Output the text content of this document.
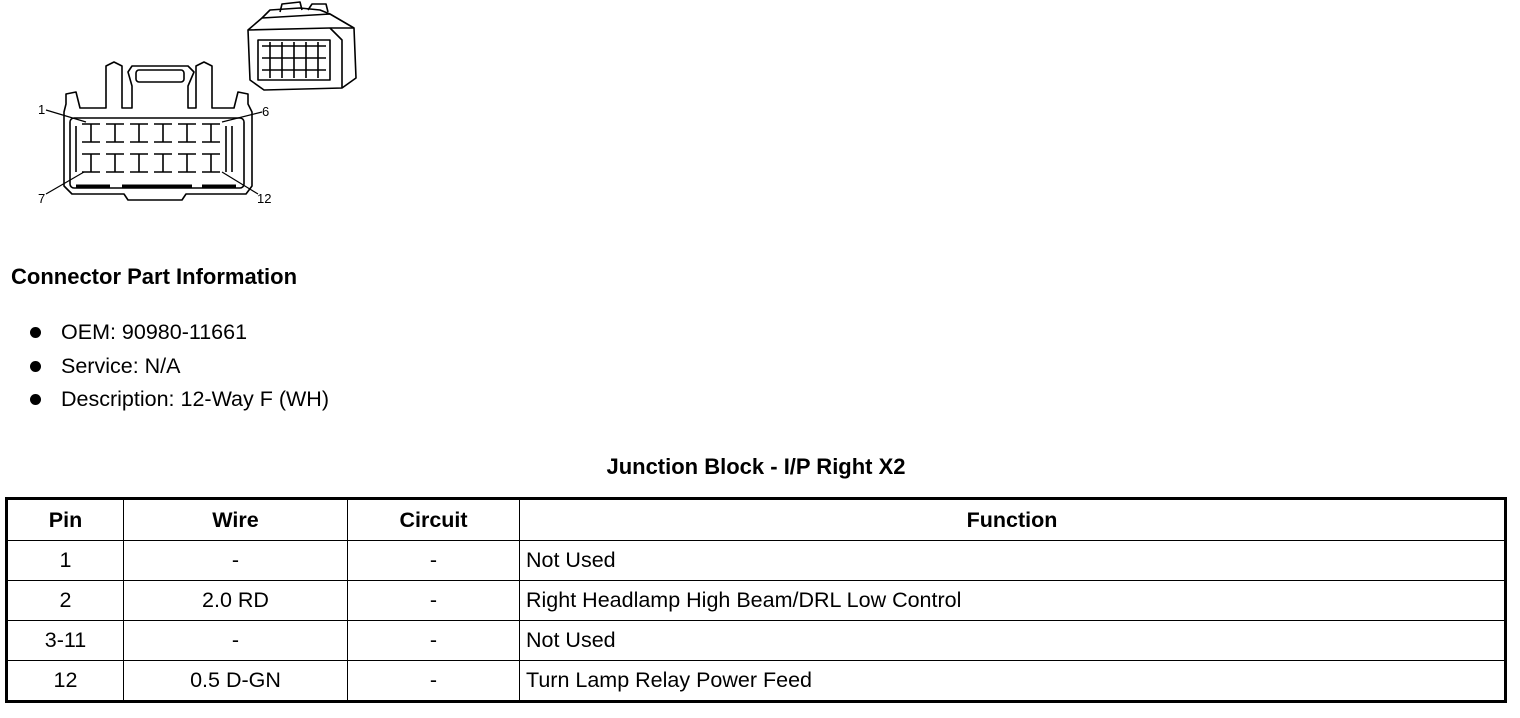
1	6
7	12
Connector Part Information
OEM: 90980-11661
Service: N/A
Description: 12-Way F (WH)
Junction Block - I/P Right X2
Pin	Wire	Circuit	Function
1	-	-	Not Used
2	2.0 RD	-	Right Headlamp High Beam/DRL Low Control
3-11	-	-	Not Used
12	0.5 D-GN	-	Turn Lamp Relay Power Feed
